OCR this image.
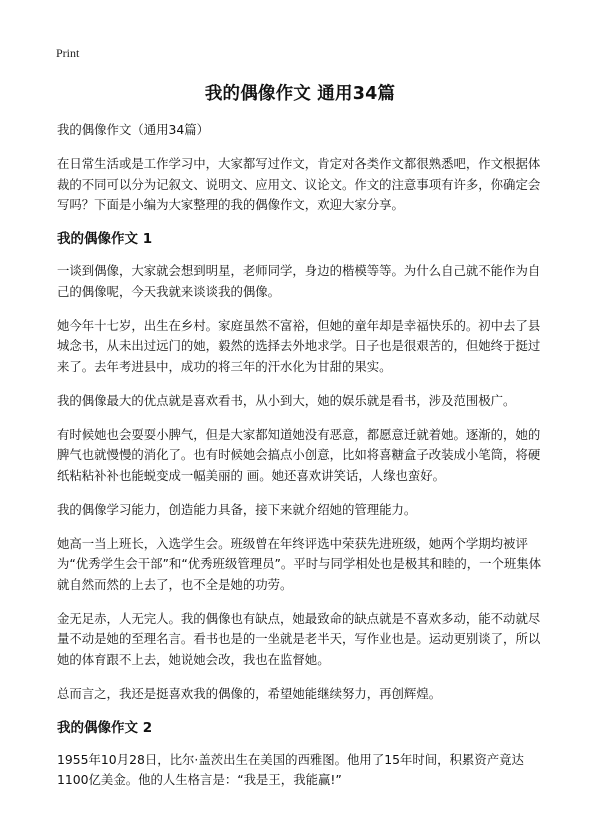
Print
我的偶像作文 通用34篇

我的偶像作文（通用34篇）

在日常生活或是工作学习中，大家都写过作文，肯定对各类作文都很熟悉吧，作文根据体裁的不同可以分为记叙文、说明文、应用文、议论文。作文的注意事项有许多，你确定会写吗？下面是小编为大家整理的我的偶像作文，欢迎大家分享。

我的偶像作文 1

一谈到偶像，大家就会想到明星，老师同学，身边的楷模等等。为什么自己就不能作为自己的偶像呢，今天我就来谈谈我的偶像。

她今年十七岁，出生在乡村。家庭虽然不富裕，但她的童年却是幸福快乐的。初中去了县城念书，从未出过远门的她，毅然的选择去外地求学。日子也是很艰苦的，但她终于挺过来了。去年考进县中，成功的将三年的汗水化为甘甜的果实。

我的偶像最大的优点就是喜欢看书，从小到大，她的娱乐就是看书，涉及范围极广。

有时候她也会耍耍小脾气，但是大家都知道她没有恶意，都愿意迁就着她。逐渐的，她的脾气也就慢慢的消化了。也有时候她会搞点小创意，比如将喜糖盒子改装成小笔筒，将硬纸粘粘补补也能蜕变成一幅美丽的 画。她还喜欢讲笑话，人缘也蛮好。

我的偶像学习能力，创造能力具备，接下来就介绍她的管理能力。

她高一当上班长，入选学生会。班级曾在年终评选中荣获先进班级，她两个学期均被评为“优秀学生会干部”和“优秀班级管理员”。平时与同学相处也是极其和睦的，一个班集体就自然而然的上去了，也不全是她的功劳。

金无足赤，人无完人。我的偶像也有缺点，她最致命的缺点就是不喜欢多动，能不动就尽量不动是她的至理名言。看书也是的一坐就是老半天，写作业也是。运动更别谈了，所以她的体育跟不上去，她说她会改，我也在监督她。

总而言之，我还是挺喜欢我的偶像的，希望她能继续努力，再创辉煌。

我的偶像作文 2

1955年10月28日，比尔·盖茨出生在美国的西雅图。他用了15年时间，积累资产竟达1100亿美金。他的人生格言是：“我是王，我能赢!”
